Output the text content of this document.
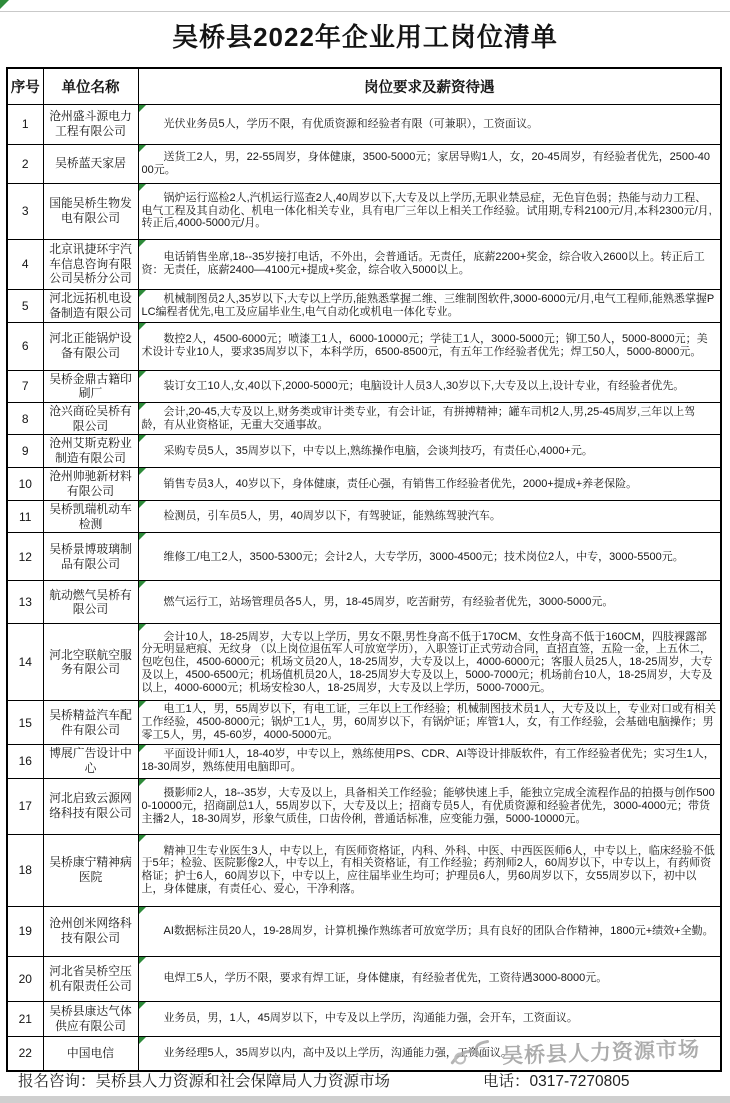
吴桥县2022年企业用工岗位清单
序号	单位名称	岗位要求及薪资待遇
1	沧州盛斗源电力工程有限公司	光伏业务员5人，学历不限，有优质资源和经验者有限（可兼职），工资面议。

2	吴桥蓝天家居	送货工2人，男，22-55周岁，身体健康，3500-5000元；家居导购1人，女，20-45周岁，有经验者优先，2500-4000元。

3	国能吴桥生物发电有限公司	锅炉运行巡检2人,汽机运行巡查2人,40周岁以下,大专及以上学历,无职业禁忌症，无色盲色弱；热能与动力工程、电气工程及其自动化、机电一体化相关专业，具有电厂三年以上相关工作经验。试用期,专科2100元/月,本科2300元/月,转正后,4000-5000元/月。

4	北京讯捷环宇汽车信息咨询有限公司吴桥分公司	电话销售坐席,18--35岁接打电话，不外出，会普通话。无责任，底薪2200+奖金，综合收入2600以上。转正后工资：无责任，底薪2400—4100元+提成+奖金，综合收入5000以上。

5	河北远拓机电设备制造有限公司	机械制图员2人,35岁以下,大专以上学历,能熟悉掌握二维、三维制图软件,3000-6000元/月,电气工程师,能熟悉掌握PLC编程者优先,电工及应届毕业生,电气自动化或机电一体化专业。

6	河北正能锅炉设备有限公司	数控2人，4500-6000元；喷漆工1人，6000-10000元；学徒工1人，3000-5000元；铆工50人，5000-8000元；美术设计专业10人，要求35周岁以下，本科学历，6500-8500元，有五年工作经验者优先；焊工50人，5000-8000元。

7	吴桥金鼎古籍印刷厂	装订女工10人,女,40以下,2000-5000元；电脑设计人员3人,30岁以下,大专及以上,设计专业，有经验者优先。

8	沧兴商砼吴桥有限公司	会计,20-45,大专及以上,财务类或审计类专业，有会计证，有拼搏精神；罐车司机2人,男,25-45周岁,三年以上驾龄，有从业资格证，无重大交通事故。

9	沧州艾斯克粉业制造有限公司	采购专员5人，35周岁以下，中专以上,熟练操作电脑，会谈判技巧，有责任心,4000+元。

10	沧州帅驰新材料有限公司	销售专员3人，40岁以下，身体健康，责任心强，有销售工作经验者优先，2000+提成+养老保险。

11	吴桥凯瑞机动车检测	检测员，引车员5人，男，40周岁以下，有驾驶证，能熟练驾驶汽车。

12	吴桥景博玻璃制品有限公司	维修工/电工2人，3500-5300元；会计2人，大专学历，3000-4500元；技术岗位2人，中专，3000-5500元。

13	航动燃气吴桥有限公司	燃气运行工，站场管理员各5人，男，18-45周岁，吃苦耐劳，有经验者优先，3000-5000元。

14	河北空联航空服务有限公司	会计10人，18-25周岁，大专以上学历，男女不限,男性身高不低于170CM、女性身高不低于160CM，四肢裸露部分无明显疤痕、无纹身 （以上岗位退伍军人可放宽学历），入职签订正式劳动合同，直招直签，五险一金，上五休二，包吃包住，4500-6000元；机场文员20人，18-25周岁，大专及以上，4000-6000元；客服人员25人，18-25周岁，大专及以上，4500-6500元；机场值机员20人，18-25周岁大专及以上，5000-7000元；机场前台10人，18-25周岁，大专及以上，4000-6000元；机场安检30人，18-25周岁，大专及以上学历，5000-7000元。

15	吴桥精益汽车配件有限公司	电工1人，男，55周岁以下，有电工证，三年以上工作经验；机械制图技术员1人，大专及以上，专业对口或有相关工作经验，4500-8000元；锅炉工1人，男，60周岁以下，有锅炉证；库管1人，女，有工作经验，会基础电脑操作；男零工5人，男，45-60岁，4000-5000元。

16	博展广告设计中心	平面设计师1人，18-40岁，中专以上，熟练使用PS、CDR、AI等设计排版软件，有工作经验者优先；实习生1人，18-30周岁，熟练使用电脑即可。

17	河北启致云源网络科技有限公司	摄影师2人，18--35岁，大专及以上，具备相关工作经验；能够快速上手，能独立完成全流程作品的拍摄与创作5000-10000元，招商副总1人，55周岁以下，大专及以上；招商专员5人，有优质资源和经验者优先，3000-4000元；带货主播2人，18-30周岁，形象气质佳，口齿伶俐，普通话标准，应变能力强，5000-10000元。

18	吴桥康宁精神病医院	精神卫生专业医生3人，中专以上，有医师资格证，内科、外科、中医、中西医医师6人，中专以上，临床经验不低于5年；检验、医院影像2人，中专以上，有相关资格证，有工作经验；药剂师2人，60周岁以下，中专以上，有药师资格证；护士6人，60周岁以下，中专以上，应往届毕业生均可；护理员6人，男60周岁以下，女55周岁以下，初中以上，身体健康，有责任心、爱心，干净利落。

19	沧州创米网络科技有限公司	AI数据标注员20人，19-28周岁，计算机操作熟练者可放宽学历；具有良好的团队合作精神，1800元+绩效+全勤。

20	河北省吴桥空压机有限责任公司	电焊工5人，学历不限，要求有焊工证，身体健康，有经验者优先，工资待遇3000-8000元。

21	吴桥县康达气体供应有限公司	业务员，男，1人，45周岁以下，中专及以上学历，沟通能力强，会开车，工资面议。

22	中国电信	业务经理5人，35周岁以内，高中及以上学历，沟通能力强，工资面议。

报名咨询：吴桥县人力资源和社会保障局人力资源市场	电话：0317-7270805
吴桥县人力资源市场
